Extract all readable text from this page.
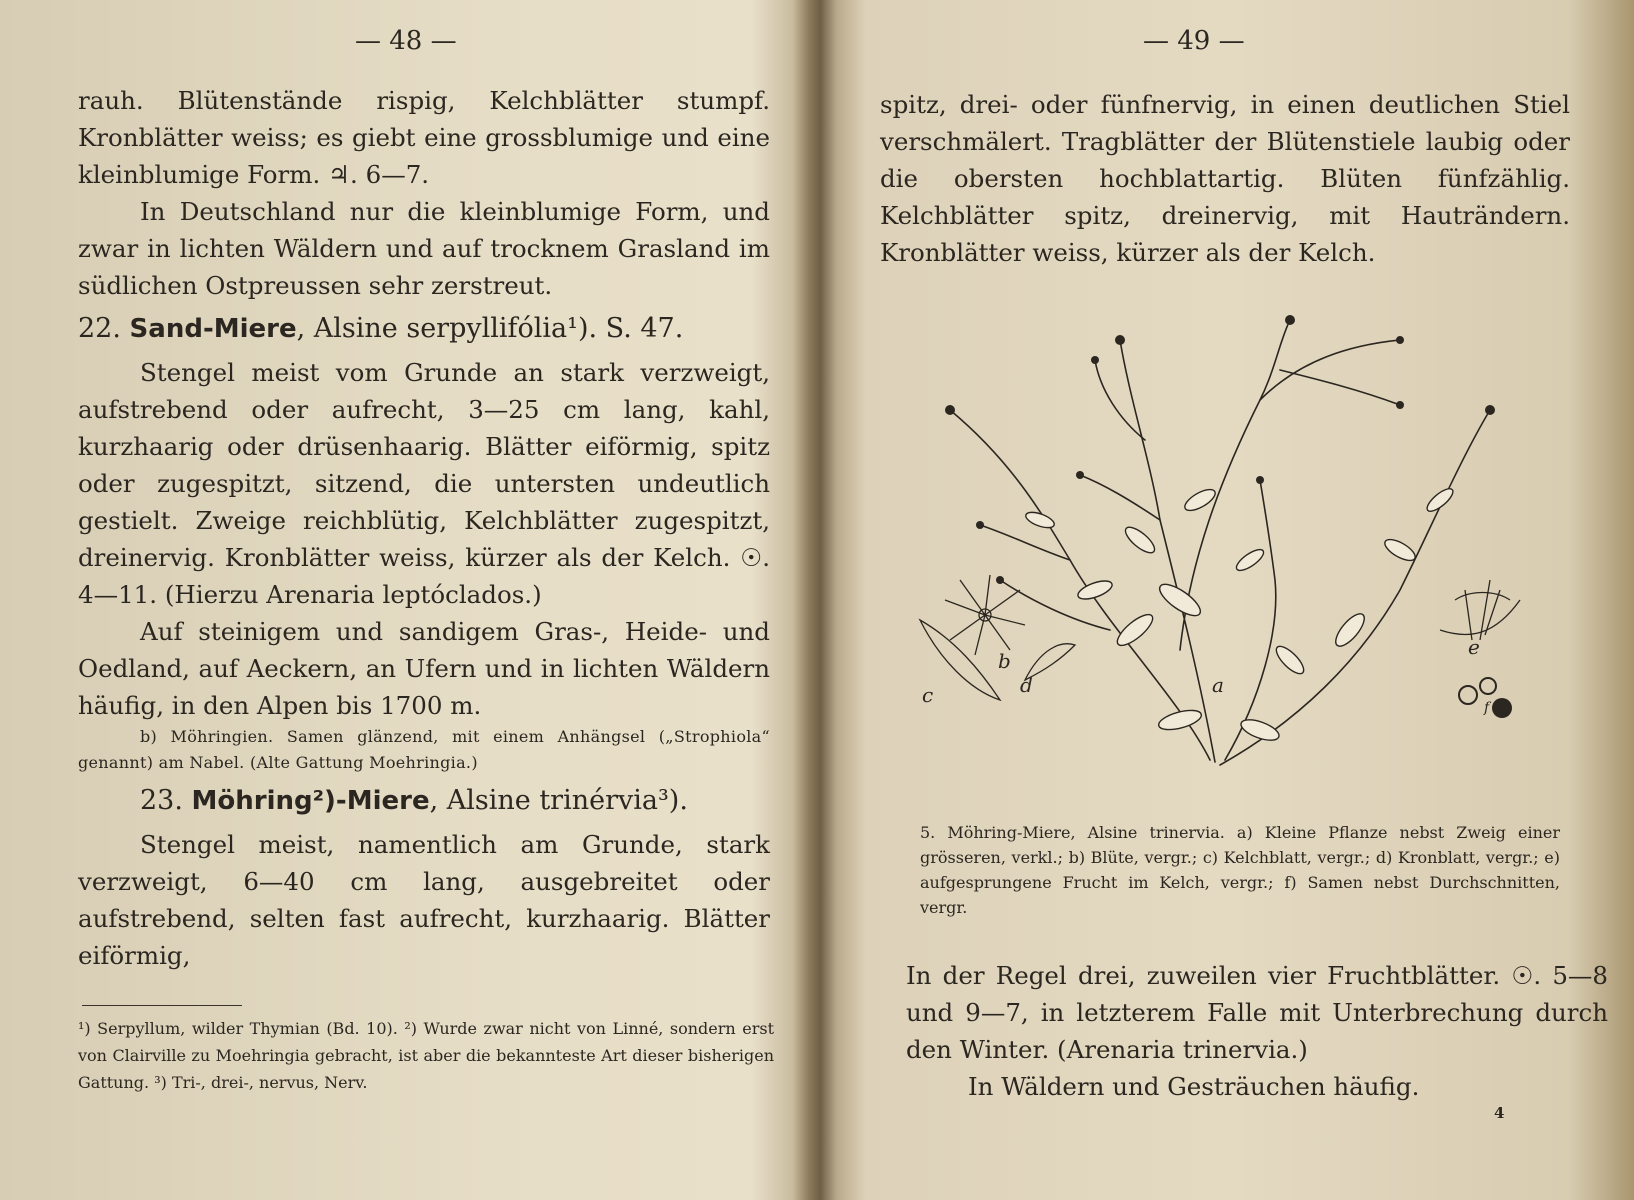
— 48 —

rauh. Blütenstände rispig, Kelchblätter stumpf. Kronblätter weiss; es giebt eine grossblumige und eine kleinblumige Form. ♃. 6—7.

In Deutschland nur die kleinblumige Form, und zwar in lichten Wäldern und auf trocknem Grasland im südlichen Ostpreussen sehr zerstreut.

22. Sand-Miere, Alsine serpyllifólia¹). S. 47.

Stengel meist vom Grunde an stark verzweigt, aufstrebend oder aufrecht, 3—25 cm lang, kahl, kurzhaarig oder drüsenhaarig. Blätter eiförmig, spitz oder zugespitzt, sitzend, die untersten undeutlich gestielt. Zweige reichblütig, Kelchblätter zugespitzt, dreinervig. Kronblätter weiss, kürzer als der Kelch. ☉. 4—11. (Hierzu Arenaria leptóclados.)

Auf steinigem und sandigem Gras-, Heide- und Oedland, auf Aeckern, an Ufern und in lichten Wäldern häufig, in den Alpen bis 1700 m.

b) Möhringien. Samen glänzend, mit einem Anhängsel („Strophiola“ genannt) am Nabel. (Alte Gattung Moehringia.)

23. Möhring²)-Miere, Alsine trinérvia³).

Stengel meist, namentlich am Grunde, stark verzweigt, 6—40 cm lang, ausgebreitet oder aufstrebend, selten fast aufrecht, kurzhaarig. Blätter eiförmig,

¹) Serpyllum, wilder Thymian (Bd. 10). ²) Wurde zwar nicht von Linné, sondern erst von Clairville zu Moehringia gebracht, ist aber die bekannteste Art dieser bisherigen Gattung. ³) Tri-, drei-, nervus, Nerv.
— 49 —
spitz, drei- oder fünfnervig, in einen deutlichen Stiel verschmälert. Tragblätter der Blütenstiele laubig oder die obersten hochblattartig. Blüten fünfzählig. Kelchblätter spitz, dreinervig, mit Hauträndern. Kronblätter weiss, kürzer als der Kelch.
a
b
c	d
e
f
5. Möhring-Miere, Alsine trinervia. a) Kleine Pflanze nebst Zweig einer grösseren, verkl.; b) Blüte, vergr.; c) Kelchblatt, vergr.; d) Kronblatt, vergr.; e) aufgesprungene Frucht im Kelch, vergr.; f) Samen nebst Durchschnitten, vergr.

In der Regel drei, zuweilen vier Fruchtblätter. ☉. 5—8 und 9—7, in letzterem Falle mit Unterbrechung durch den Winter. (Arenaria trinervia.)

In Wäldern und Gesträuchen häufig.

4
